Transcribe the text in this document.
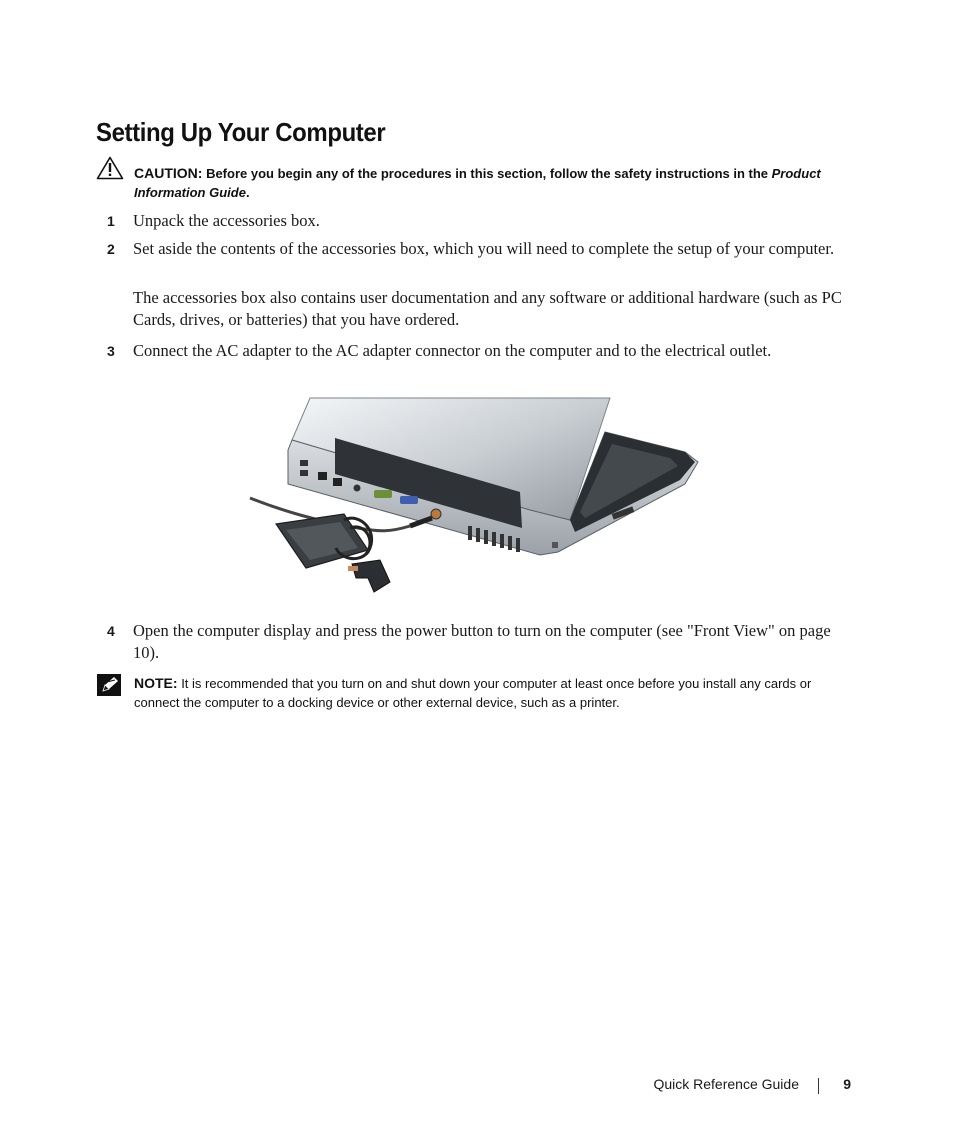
Setting Up Your Computer
CAUTION: Before you begin any of the procedures in this section, follow the safety instructions in the Product Information Guide.
1 Unpack the accessories box.
2 Set aside the contents of the accessories box, which you will need to complete the setup of your computer.
The accessories box also contains user documentation and any software or additional hardware (such as PC Cards, drives, or batteries) that you have ordered.
3 Connect the AC adapter to the AC adapter connector on the computer and to the electrical outlet.
4 Open the computer display and press the power button to turn on the computer (see "Front View" on page 10).
NOTE: It is recommended that you turn on and shut down your computer at least once before you install any cards or connect the computer to a docking device or other external device, such as a printer.
Quick Reference Guide	9
